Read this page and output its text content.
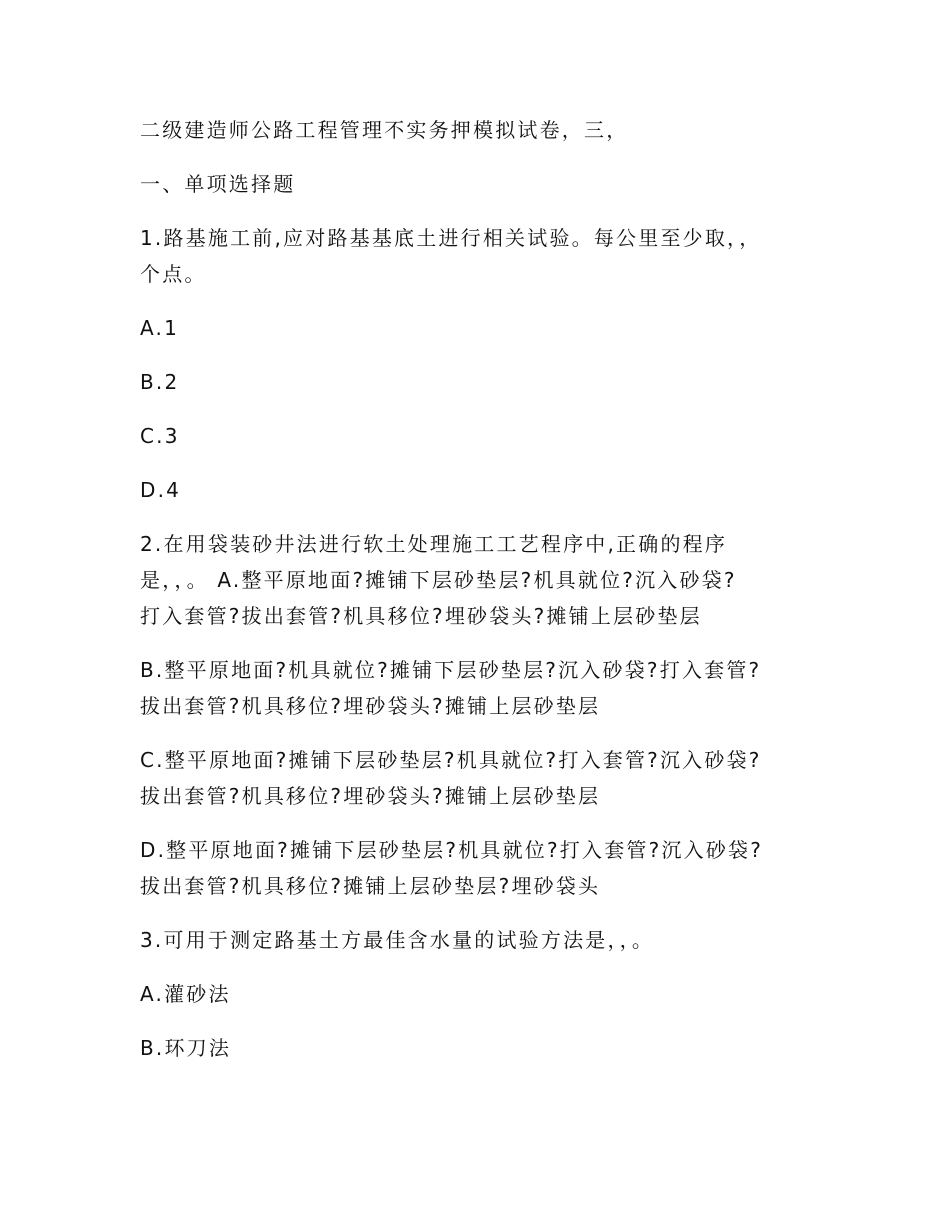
二级建造师公路工程管理不实务押模拟试卷，三，

一、单项选择题

1.路基施工前,应对路基基底土进行相关试验。每公里至少取，，
个点。

A.1

B.2

C.3

D.4

2.在用袋装砂井法进行软土处理施工工艺程序中,正确的程序
是，，。 A.整平原地面?摊铺下层砂垫层?机具就位?沉入砂袋?
打入套管?拔出套管?机具移位?埋砂袋头?摊铺上层砂垫层

B.整平原地面?机具就位?摊铺下层砂垫层?沉入砂袋?打入套管?
拔出套管?机具移位?埋砂袋头?摊铺上层砂垫层

C.整平原地面?摊铺下层砂垫层?机具就位?打入套管?沉入砂袋?
拔出套管?机具移位?埋砂袋头?摊铺上层砂垫层

D.整平原地面?摊铺下层砂垫层?机具就位?打入套管?沉入砂袋?
拔出套管?机具移位?摊铺上层砂垫层?埋砂袋头

3.可用于测定路基土方最佳含水量的试验方法是，，。

A.灌砂法

B.环刀法
